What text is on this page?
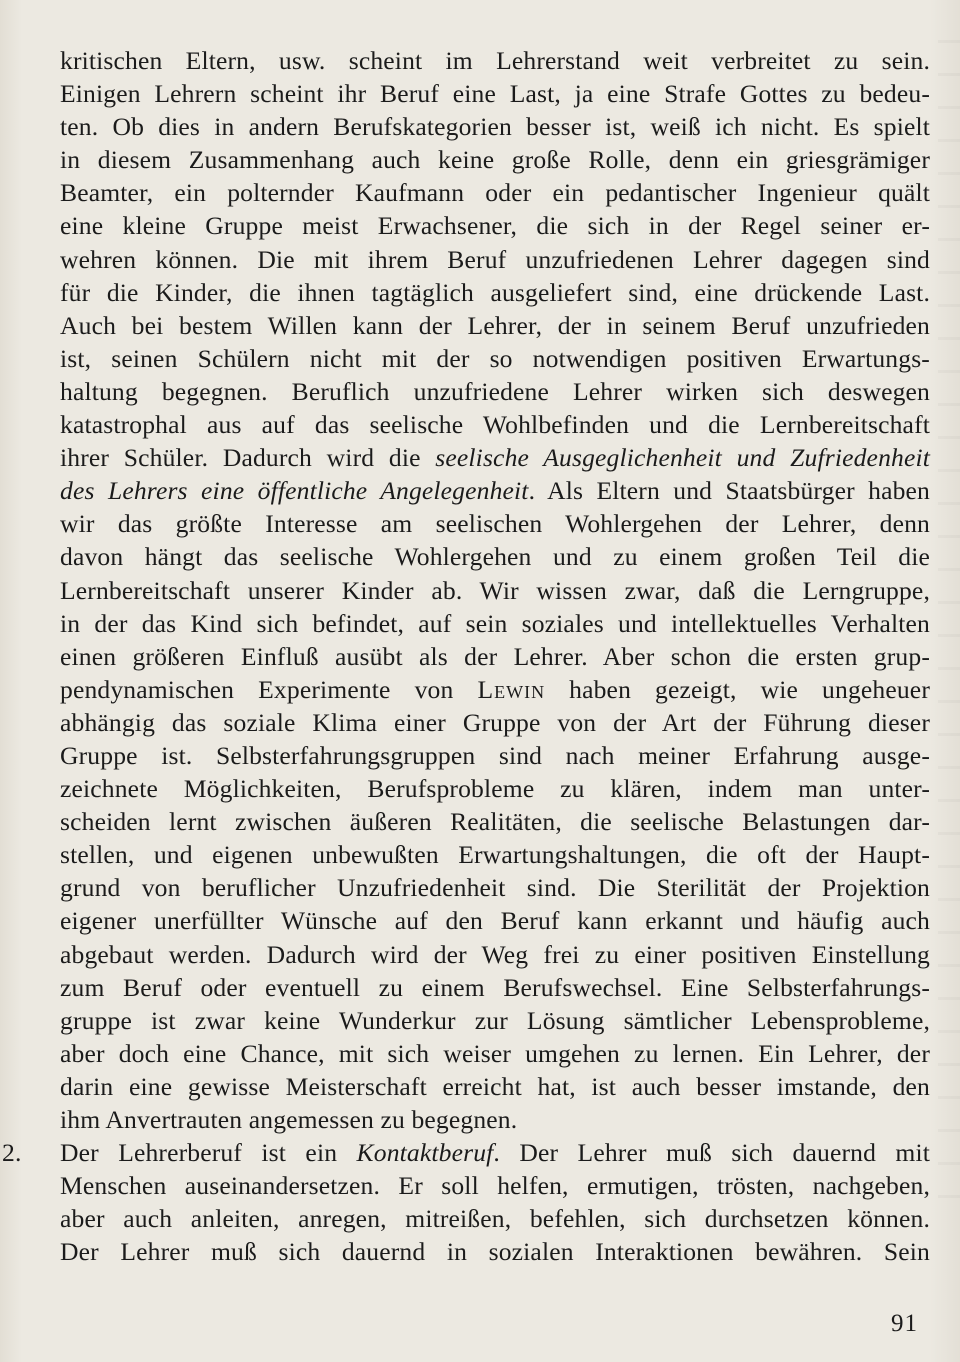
kritischen Eltern, usw. scheint im Lehrerstand weit verbreitet zu sein.
Einigen Lehrern scheint ihr Beruf eine Last, ja eine Strafe Gottes zu bedeu-
ten. Ob dies in andern Berufskategorien besser ist, weiß ich nicht. Es spielt
in diesem Zusammenhang auch keine große Rolle, denn ein griesgrämiger
Beamter, ein polternder Kaufmann oder ein pedantischer Ingenieur quält
eine kleine Gruppe meist Erwachsener, die sich in der Regel seiner er-
wehren können. Die mit ihrem Beruf unzufriedenen Lehrer dagegen sind
für die Kinder, die ihnen tagtäglich ausgeliefert sind, eine drückende Last.
Auch bei bestem Willen kann der Lehrer, der in seinem Beruf unzufrieden
ist, seinen Schülern nicht mit der so notwendigen positiven Erwartungs-
haltung begegnen. Beruflich unzufriedene Lehrer wirken sich deswegen
katastrophal aus auf das seelische Wohlbefinden und die Lernbereitschaft
ihrer Schüler. Dadurch wird die seelische Ausgeglichenheit und Zufriedenheit
des Lehrers eine öffentliche Angelegenheit. Als Eltern und Staatsbürger haben
wir das größte Interesse am seelischen Wohlergehen der Lehrer, denn
davon hängt das seelische Wohlergehen und zu einem großen Teil die
Lernbereitschaft unserer Kinder ab. Wir wissen zwar, daß die Lerngruppe,
in der das Kind sich befindet, auf sein soziales und intellektuelles Verhalten
einen größeren Einfluß ausübt als der Lehrer. Aber schon die ersten grup-
pendynamischen Experimente von Lewin haben gezeigt, wie ungeheuer
abhängig das soziale Klima einer Gruppe von der Art der Führung dieser
Gruppe ist. Selbsterfahrungsgruppen sind nach meiner Erfahrung ausge-
zeichnete Möglichkeiten, Berufsprobleme zu klären, indem man unter-
scheiden lernt zwischen äußeren Realitäten, die seelische Belastungen dar-
stellen, und eigenen unbewußten Erwartungshaltungen, die oft der Haupt-
grund von beruflicher Unzufriedenheit sind. Die Sterilität der Projektion
eigener unerfüllter Wünsche auf den Beruf kann erkannt und häufig auch
abgebaut werden. Dadurch wird der Weg frei zu einer positiven Einstellung
zum Beruf oder eventuell zu einem Berufswechsel. Eine Selbsterfahrungs-
gruppe ist zwar keine Wunderkur zur Lösung sämtlicher Lebensprobleme,
aber doch eine Chance, mit sich weiser umgehen zu lernen. Ein Lehrer, der
darin eine gewisse Meisterschaft erreicht hat, ist auch besser imstande, den
ihm Anvertrauten angemessen zu begegnen.
2.	Der Lehrerberuf ist ein Kontaktberuf. Der Lehrer muß sich dauernd mit
Menschen auseinandersetzen. Er soll helfen, ermutigen, trösten, nachgeben,
aber auch anleiten, anregen, mitreißen, befehlen, sich durchsetzen können.
Der Lehrer muß sich dauernd in sozialen Interaktionen bewähren. Sein
91
